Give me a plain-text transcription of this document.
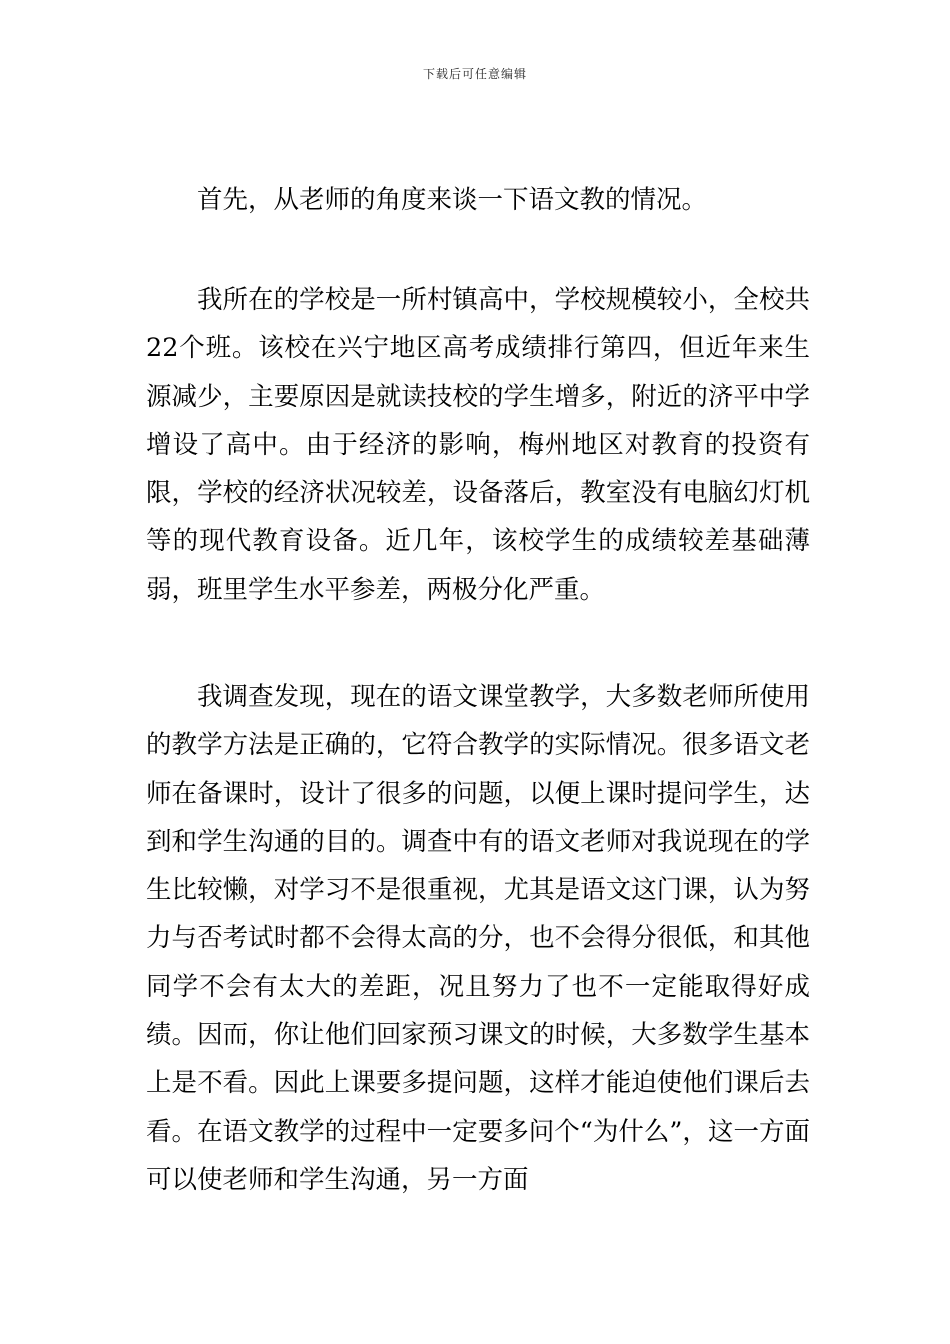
下载后可任意编辑

首先，从老师的角度来谈一下语文教的情况。

我所在的学校是一所村镇高中，学校规模较小，全校共22个班。该校在兴宁地区高考成绩排行第四，但近年来生源减少，主要原因是就读技校的学生增多，附近的济平中学增设了高中。由于经济的影响，梅州地区对教育的投资有限，学校的经济状况较差，设备落后，教室没有电脑幻灯机等的现代教育设备。近几年，该校学生的成绩较差基础薄弱，班里学生水平参差，两极分化严重。

我调查发现，现在的语文课堂教学，大多数老师所使用的教学方法是正确的，它符合教学的实际情况。很多语文老师在备课时，设计了很多的问题，以便上课时提问学生，达到和学生沟通的目的。调查中有的语文老师对我说现在的学生比较懒，对学习不是很重视，尤其是语文这门课，认为努力与否考试时都不会得太高的分，也不会得分很低，和其他同学不会有太大的差距，况且努力了也不一定能取得好成绩。因而，你让他们回家预习课文的时候，大多数学生基本上是不看。因此上课要多提问题，这样才能迫使他们课后去看。在语文教学的过程中一定要多问个“为什么”，这一方面可以使老师和学生沟通，另一方面
